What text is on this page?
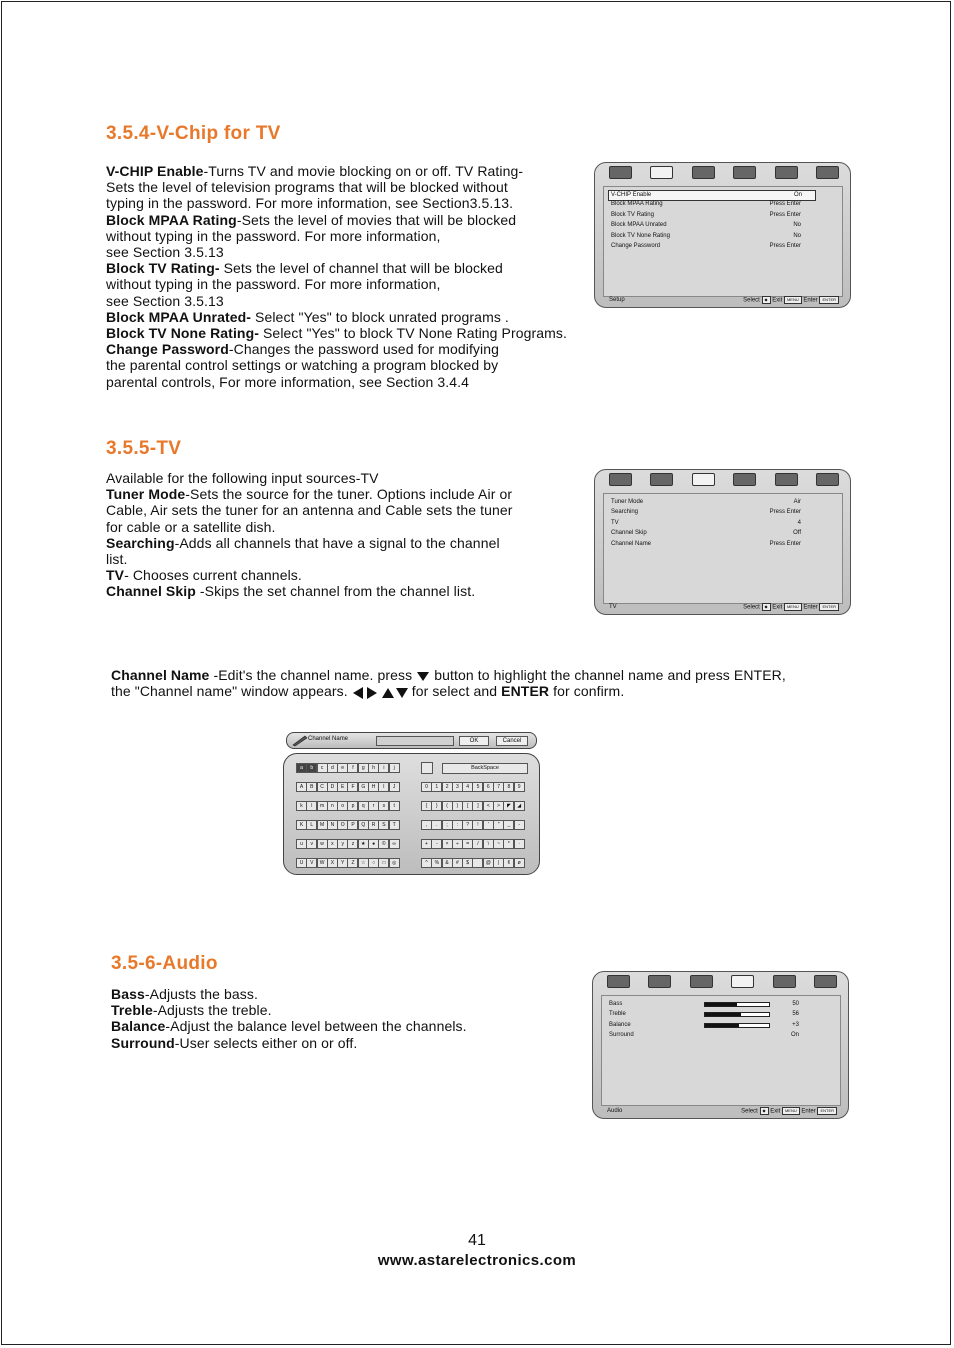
3.5.4-V-Chip for TV
V-CHIP Enable-Turns TV and movie blocking on or off. TV Rating-
Sets the level of television programs that will be blocked without
typing in the password. For more information, see Section3.5.13.
Block MPAA Rating-Sets the level of movies that will be blocked
without typing in the password. For more information,
see Section 3.5.13
Block TV Rating- Sets the level of channel that will be blocked
without typing in the password. For more information,
see Section 3.5.13
Block MPAA Unrated- Select "Yes" to block unrated programs .
Block TV None Rating- Select "Yes" to block TV None Rating Programs.
Change Password-Changes the password used for modifying
the parental control settings or watching a program blocked by
parental controls, For more information, see Section 3.4.4
V-CHIP Enable	On
Block MPAA Rating	Press Enter
Block TV Rating	Press Enter
Block MPAA Unrated	No
Block TV None Rating	No
Change Password	Press Enter
Setup	Select ◆ Exit MENU Enter ENTER
3.5.5-TV
Available for the following input sources-TV
Tuner Mode-Sets the source for the tuner. Options include Air or
Cable, Air sets the tuner for an antenna and Cable sets the tuner
for cable or a satellite dish.
Searching-Adds all channels that have a signal to the channel
list.
TV- Chooses current channels.
Channel Skip -Skips the set channel from the channel list.
Tuner Mode	Air
Searching	Press Enter
TV	4
Channel Skip	Off
Channel Name	Press Enter
TV	Select ◆ Exit MENU Enter ENTER
Channel Name -Edit's the channel name. press  button to highlight the channel name and press ENTER,
the "Channel name" window appears.	for select and ENTER for confirm.
Channel Name	OK	Cancel
a	b	c	d	e	f	g	h	i	j
A	B	C	D	E	F	G	H	I	J
k	l	m	n	o	p	q	r	s	t
K	L	M	N	O	P	Q	R	S	T
u	v	w	x	y	z	★	●	©	∞
U	V	W	X	Y	Z	☆	○	□	◎
BackSpace
0	1	2	3	4	5	6	7	8	9
{	}	(	)	[	]	<	>	◤	◢
,	.	;	:	?	!	'	"	_	-
+	-	×	÷	=	/	\	~	*	·
^	%	&	#	$	@	|	¢	ø
3.5-6-Audio
Bass-Adjusts the bass.
Treble-Adjusts the treble.
Balance-Adjust the balance level between the channels.
Surround-User selects either on or off.
Bass	50
Treble	56
Balance	+3
Surround	On
Audio	Select ◆ Exit MENU Enter ENTER
41
www.astarelectronics.com
